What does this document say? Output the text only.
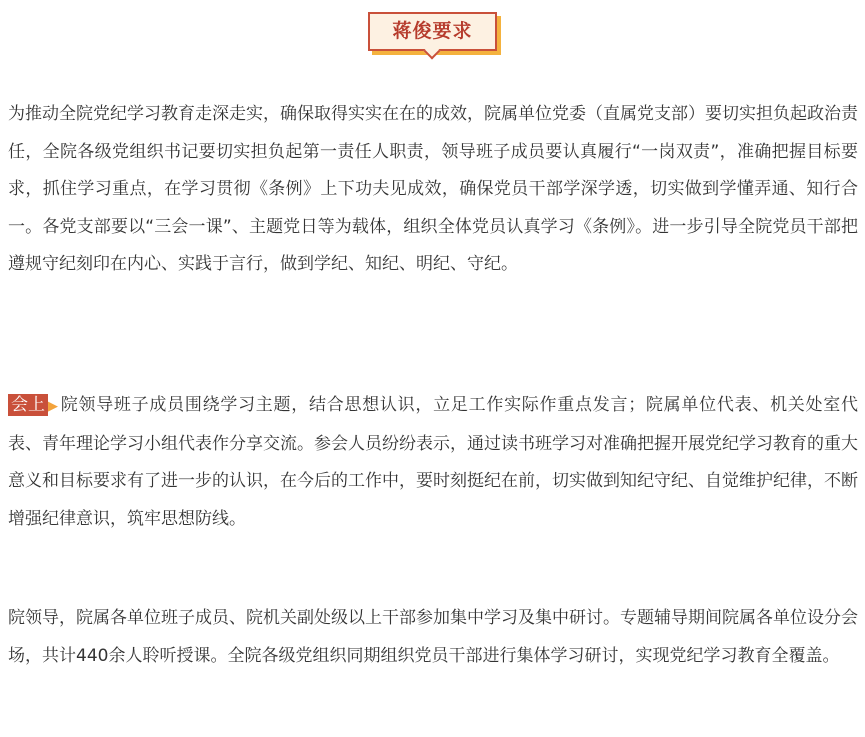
蒋俊要求

为推动全院党纪学习教育走深走实，确保取得实实在在的成效，院属单位党委（直属党支部）要切实担负起政治责任，全院各级党组织书记要切实担负起第一责任人职责，领导班子成员要认真履行“一岗双责”，准确把握目标要求，抓住学习重点，在学习贯彻《条例》上下功夫见成效，确保党员干部学深学透，切实做到学懂弄通、知行合一。各党支部要以“三会一课”、主题党日等为载体，组织全体党员认真学习《条例》。进一步引导全院党员干部把遵规守纪刻印在内心、实践于言行，做到学纪、知纪、明纪、守纪。

会上 ▶ 院领导班子成员围绕学习主题，结合思想认识，立足工作实际作重点发言；院属单位代表、机关处室代表、青年理论学习小组代表作分享交流。参会人员纷纷表示，通过读书班学习对准确把握开展党纪学习教育的重大意义和目标要求有了进一步的认识，在今后的工作中，要时刻挺纪在前，切实做到知纪守纪、自觉维护纪律，不断增强纪律意识，筑牢思想防线。

院领导，院属各单位班子成员、院机关副处级以上干部参加集中学习及集中研讨。专题辅导期间院属各单位设分会场，共计440余人聆听授课。全院各级党组织同期组织党员干部进行集体学习研讨，实现党纪学习教育全覆盖。
